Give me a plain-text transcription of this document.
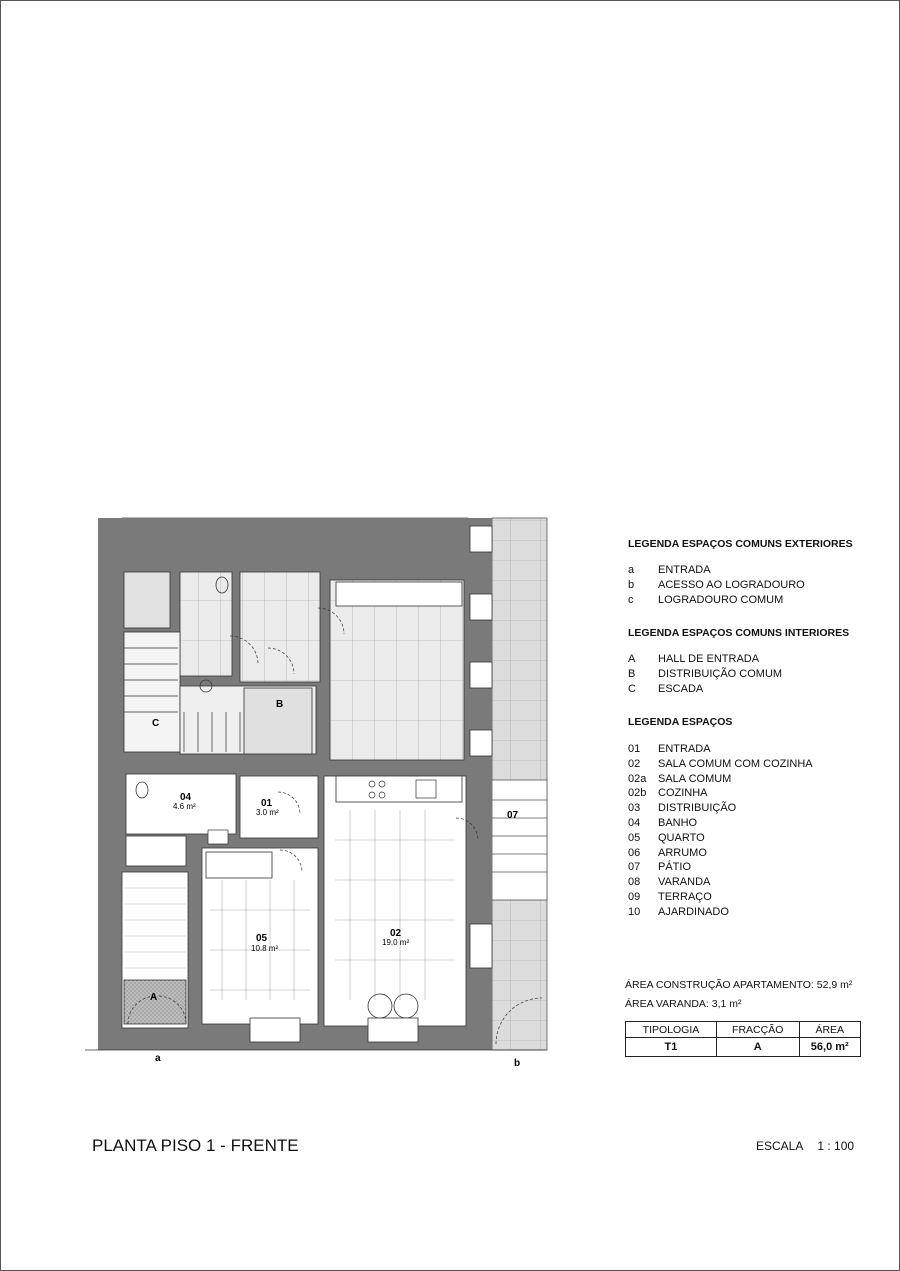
04
4.6 m²	01
3.0 m²
05
10.8 m²
02
19.0 m²
07
A
B
C
a	b
LEGENDA ESPAÇOS COMUNS EXTERIORES
a ENTRADA
b ACESSO AO LOGRADOURO
c LOGRADOURO COMUM
LEGENDA ESPAÇOS COMUNS INTERIORES
A HALL DE ENTRADA
B DISTRIBUIÇÃO COMUM
C ESCADA
LEGENDA ESPAÇOS
01 ENTRADA
02 SALA COMUM COM COZINHA
02a SALA COMUM
02b COZINHA
03 DISTRIBUIÇÃO
04 BANHO
05 QUARTO
06 ARRUMO
07 PÁTIO
08 VARANDA
09 TERRAÇO
10 AJARDINADO
ÁREA CONSTRUÇÃO APARTAMENTO: 52,9 m²
ÁREA VARANDA: 3,1 m²
TIPOLOGIA	FRACÇÃO	ÁREA
T1	A	56,0 m²
PLANTA PISO 1 - FRENTE	ESCALA 1 : 100
